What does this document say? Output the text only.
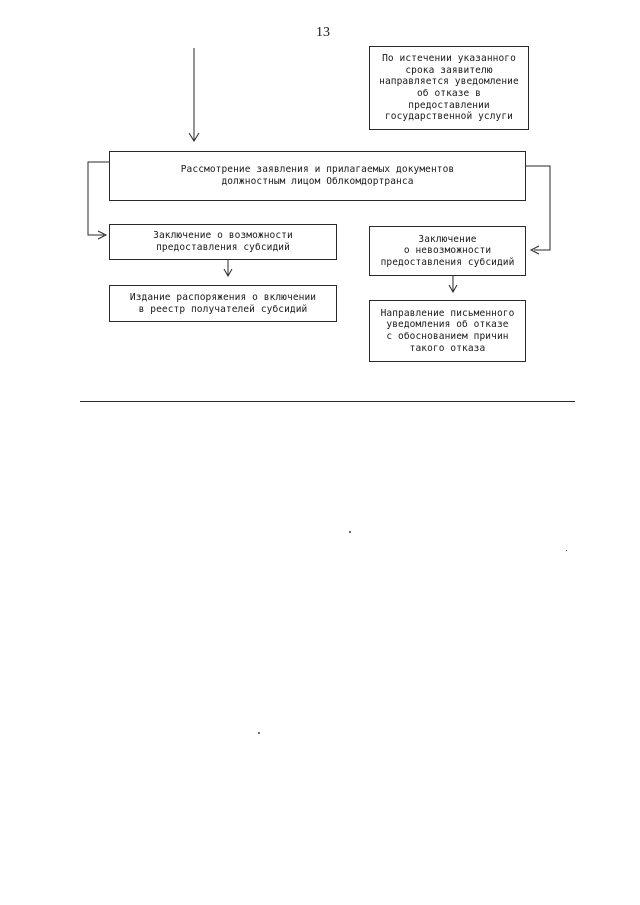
13
По истечении указанного
срока заявителю
направляется уведомление
об отказе в
предоставлении
государственной услуги
Рассмотрение заявления и прилагаемых документов
должностным лицом Облкомдортранса
Заключение о возможности
предоставления субсидий
Заключение
о невозможности
предоставления субсидий
Издание распоряжения о включении
в реестр получателей субсидий	Направление письменного
уведомления об отказе
с обоснованием причин
такого отказа
